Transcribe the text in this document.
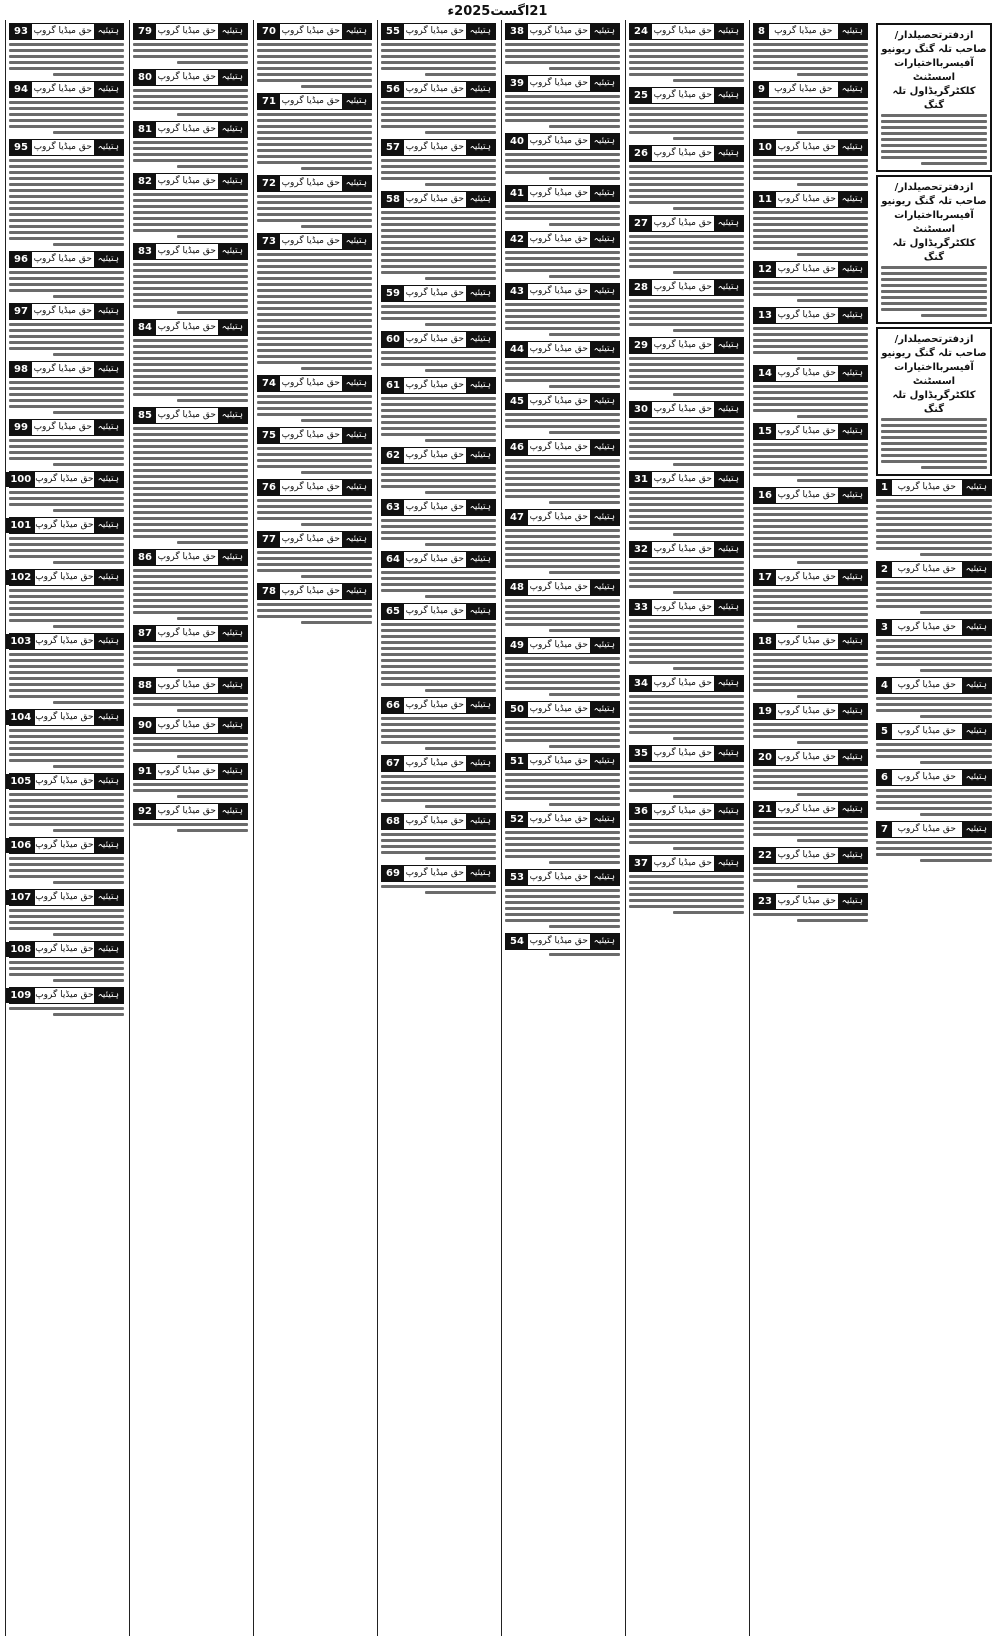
21اگست2025ء
ازدفترتحصیلدار/صاحب تلہ گنگ ریونیو آفیسربااختیارات اسسٹنٹ کلکٹرگریڈاول تلہ گنگ
ازدفترتحصیلدار/صاحب تلہ گنگ ریونیو آفیسربااختیارات اسسٹنٹ کلکٹرگریڈاول تلہ گنگ
ازدفترتحصیلدار/صاحب تلہ گنگ ریونیو آفیسربااختیارات اسسٹنٹ کلکٹرگریڈاول تلہ گنگ
ہتیئیہ
حق میڈیا گروپ
1
ہتیئیہ
حق میڈیا گروپ
2
ہتیئیہ
حق میڈیا گروپ
3
ہتیئیہ
حق میڈیا گروپ
4
ہتیئیہ
حق میڈیا گروپ
5
ہتیئیہ
حق میڈیا گروپ
6
ہتیئیہ
حق میڈیا گروپ
7
ہتیئیہ
حق میڈیا گروپ
8
ہتیئیہ
حق میڈیا گروپ
9
ہتیئیہ
حق میڈیا گروپ
10
ہتیئیہ
حق میڈیا گروپ
11
ہتیئیہ
حق میڈیا گروپ
12
ہتیئیہ
حق میڈیا گروپ
13
ہتیئیہ
حق میڈیا گروپ
14
ہتیئیہ
حق میڈیا گروپ
15
ہتیئیہ
حق میڈیا گروپ
16
ہتیئیہ
حق میڈیا گروپ
17
ہتیئیہ
حق میڈیا گروپ
18
ہتیئیہ
حق میڈیا گروپ
19
ہتیئیہ
حق میڈیا گروپ
20
ہتیئیہ
حق میڈیا گروپ
21
ہتیئیہ
حق میڈیا گروپ
22
ہتیئیہ
حق میڈیا گروپ
23
ہتیئیہ
حق میڈیا گروپ
24
ہتیئیہ
حق میڈیا گروپ
25
ہتیئیہ
حق میڈیا گروپ
26
ہتیئیہ
حق میڈیا گروپ
27
ہتیئیہ
حق میڈیا گروپ
28
ہتیئیہ
حق میڈیا گروپ
29
ہتیئیہ
حق میڈیا گروپ
30
ہتیئیہ
حق میڈیا گروپ
31
ہتیئیہ
حق میڈیا گروپ
32
ہتیئیہ
حق میڈیا گروپ
33
ہتیئیہ
حق میڈیا گروپ
34
ہتیئیہ
حق میڈیا گروپ
35
ہتیئیہ
حق میڈیا گروپ
36
ہتیئیہ
حق میڈیا گروپ
37
ہتیئیہ
حق میڈیا گروپ
38
ہتیئیہ
حق میڈیا گروپ
39
ہتیئیہ
حق میڈیا گروپ
40
ہتیئیہ
حق میڈیا گروپ
41
ہتیئیہ
حق میڈیا گروپ
42
ہتیئیہ
حق میڈیا گروپ
43
ہتیئیہ
حق میڈیا گروپ
44
ہتیئیہ
حق میڈیا گروپ
45
ہتیئیہ
حق میڈیا گروپ
46
ہتیئیہ
حق میڈیا گروپ
47
ہتیئیہ
حق میڈیا گروپ
48
ہتیئیہ
حق میڈیا گروپ
49
ہتیئیہ
حق میڈیا گروپ
50
ہتیئیہ
حق میڈیا گروپ
51
ہتیئیہ
حق میڈیا گروپ
52
ہتیئیہ
حق میڈیا گروپ
53
ہتیئیہ
حق میڈیا گروپ
54
ہتیئیہ
حق میڈیا گروپ
55
ہتیئیہ
حق میڈیا گروپ
56
ہتیئیہ
حق میڈیا گروپ
57
ہتیئیہ
حق میڈیا گروپ
58
ہتیئیہ
حق میڈیا گروپ
59
ہتیئیہ
حق میڈیا گروپ
60
ہتیئیہ
حق میڈیا گروپ
61
ہتیئیہ
حق میڈیا گروپ
62
ہتیئیہ
حق میڈیا گروپ
63
ہتیئیہ
حق میڈیا گروپ
64
ہتیئیہ
حق میڈیا گروپ
65
ہتیئیہ
حق میڈیا گروپ
66
ہتیئیہ
حق میڈیا گروپ
67
ہتیئیہ
حق میڈیا گروپ
68
ہتیئیہ
حق میڈیا گروپ
69
ہتیئیہ
حق میڈیا گروپ
70
ہتیئیہ
حق میڈیا گروپ
71
ہتیئیہ
حق میڈیا گروپ
72
ہتیئیہ
حق میڈیا گروپ
73
ہتیئیہ
حق میڈیا گروپ
74
ہتیئیہ
حق میڈیا گروپ
75
ہتیئیہ
حق میڈیا گروپ
76
ہتیئیہ
حق میڈیا گروپ
77
ہتیئیہ
حق میڈیا گروپ
78
ہتیئیہ
حق میڈیا گروپ
79
ہتیئیہ
حق میڈیا گروپ
80
ہتیئیہ
حق میڈیا گروپ
81
ہتیئیہ
حق میڈیا گروپ
82
ہتیئیہ
حق میڈیا گروپ
83
ہتیئیہ
حق میڈیا گروپ
84
ہتیئیہ
حق میڈیا گروپ
85
ہتیئیہ
حق میڈیا گروپ
86
ہتیئیہ
حق میڈیا گروپ
87
ہتیئیہ
حق میڈیا گروپ
88
ہتیئیہ
حق میڈیا گروپ
90
ہتیئیہ
حق میڈیا گروپ
91
ہتیئیہ
حق میڈیا گروپ
92
ہتیئیہ
حق میڈیا گروپ
93
ہتیئیہ
حق میڈیا گروپ
94
ہتیئیہ
حق میڈیا گروپ
95
ہتیئیہ
حق میڈیا گروپ
96
ہتیئیہ
حق میڈیا گروپ
97
ہتیئیہ
حق میڈیا گروپ
98
ہتیئیہ
حق میڈیا گروپ
99
ہتیئیہ
حق میڈیا گروپ
100
ہتیئیہ
حق میڈیا گروپ
101
ہتیئیہ
حق میڈیا گروپ
102
ہتیئیہ
حق میڈیا گروپ
103
ہتیئیہ
حق میڈیا گروپ
104
ہتیئیہ
حق میڈیا گروپ
105
ہتیئیہ
حق میڈیا گروپ
106
ہتیئیہ
حق میڈیا گروپ
107
ہتیئیہ
حق میڈیا گروپ
108
ہتیئیہ
حق میڈیا گروپ
109
